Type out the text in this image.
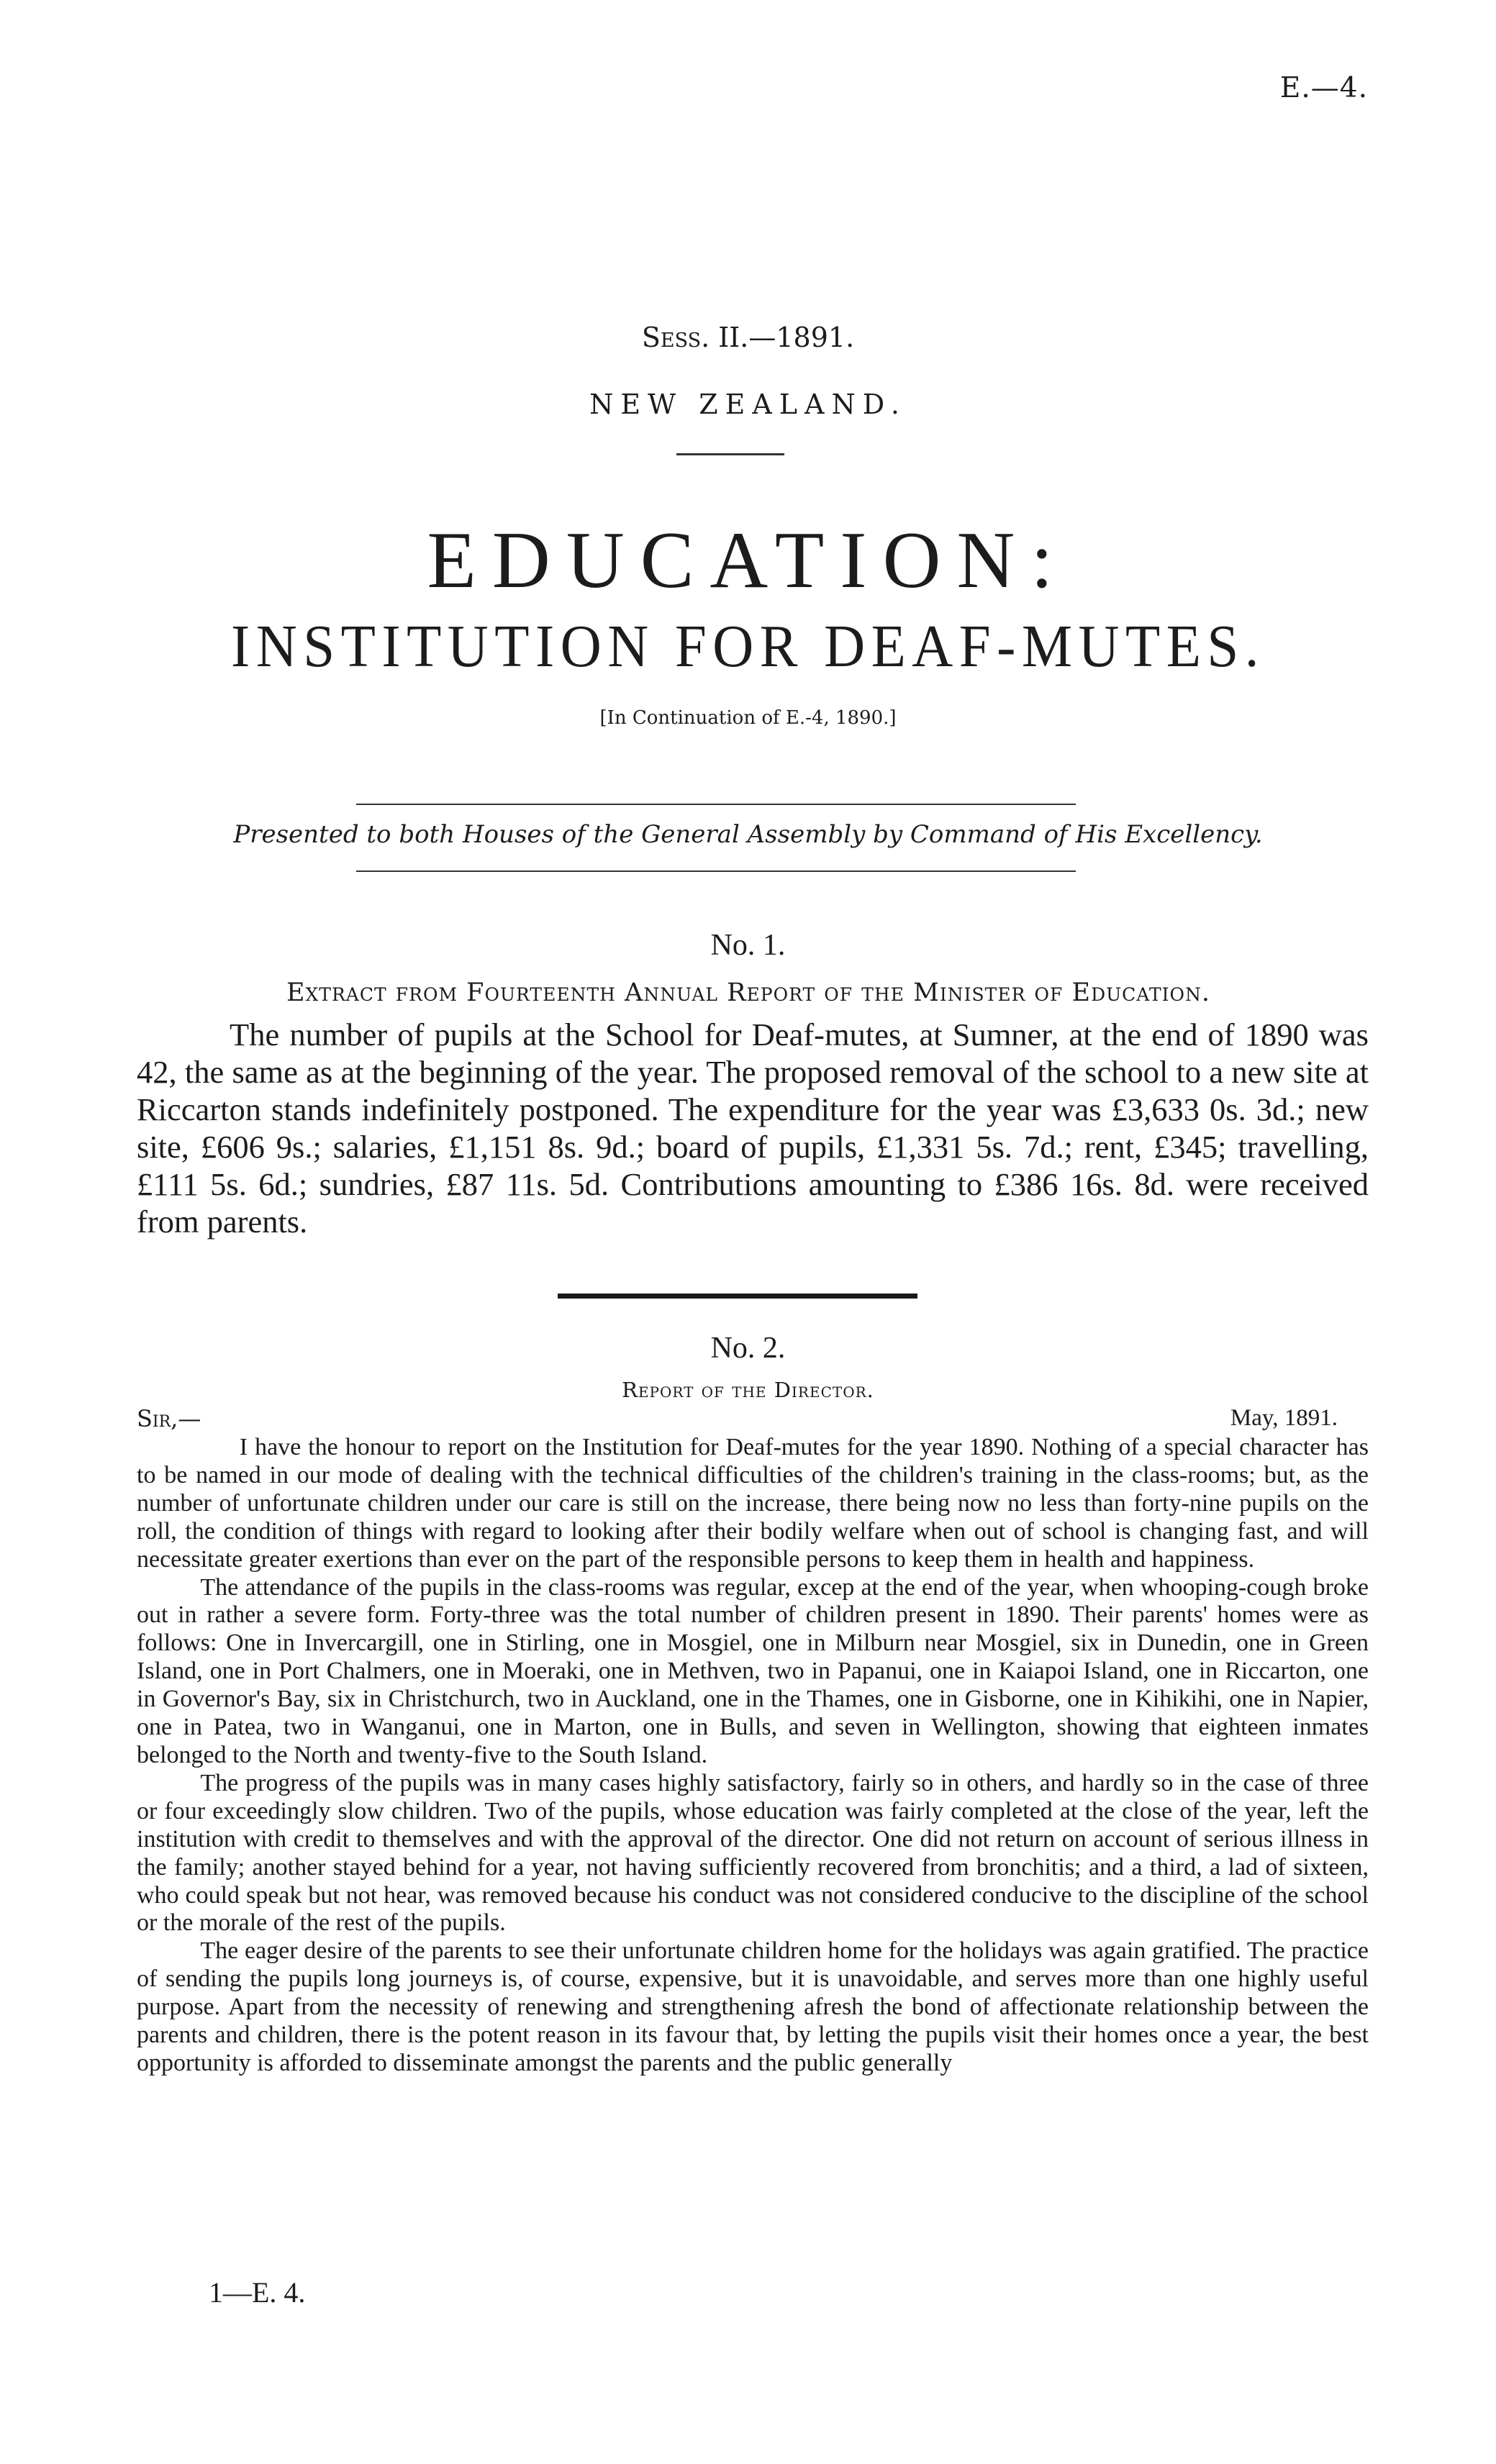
E.—4.
Sess. II.—1891.
NEW ZEALAND.
EDUCATION:
INSTITUTION FOR DEAF-MUTES.
[In Continuation of E.-4, 1890.]
Presented to both Houses of the General Assembly by Command of His Excellency.
No. 1.
Extract from Fourteenth Annual Report of the Minister of Education.

The number of pupils at the School for Deaf-mutes, at Sumner, at the end of 1890 was 42, the same as at the beginning of the year. The proposed removal of the school to a new site at Riccarton stands indefinitely postponed. The expenditure for the year was £3,633 0s. 3d.; new site, £606 9s.; salaries, £1,151 8s. 9d.; board of pupils, £1,331 5s. 7d.; rent, £345; travelling, £111 5s. 6d.; sundries, £87 11s. 5d. Contributions amounting to £386 16s. 8d. were received from parents.

No. 2.
Report of the Director.
Sir,—	May, 1891.

I have the honour to report on the Institution for Deaf-mutes for the year 1890. Nothing of a special character has to be named in our mode of dealing with the technical difficulties of the children's training in the class-rooms; but, as the number of unfortunate children under our care is still on the increase, there being now no less than forty-nine pupils on the roll, the condition of things with regard to looking after their bodily welfare when out of school is changing fast, and will necessitate greater exertions than ever on the part of the responsible persons to keep them in health and happiness.

The attendance of the pupils in the class-rooms was regular, excep at the end of the year, when whooping-cough broke out in rather a severe form. Forty-three was the total number of children present in 1890. Their parents' homes were as follows: One in Invercargill, one in Stirling, one in Mosgiel, one in Milburn near Mosgiel, six in Dunedin, one in Green Island, one in Port Chalmers, one in Moeraki, one in Methven, two in Papanui, one in Kaiapoi Island, one in Riccarton, one in Governor's Bay, six in Christchurch, two in Auckland, one in the Thames, one in Gisborne, one in Kihikihi, one in Napier, one in Patea, two in Wanganui, one in Marton, one in Bulls, and seven in Wellington, showing that eighteen inmates belonged to the North and twenty-five to the South Island.

The progress of the pupils was in many cases highly satisfactory, fairly so in others, and hardly so in the case of three or four exceedingly slow children. Two of the pupils, whose education was fairly completed at the close of the year, left the institution with credit to themselves and with the approval of the director. One did not return on account of serious illness in the family; another stayed behind for a year, not having sufficiently recovered from bronchitis; and a third, a lad of sixteen, who could speak but not hear, was removed because his conduct was not considered conducive to the discipline of the school or the morale of the rest of the pupils.

The eager desire of the parents to see their unfortunate children home for the holidays was again gratified. The practice of sending the pupils long journeys is, of course, expensive, but it is unavoidable, and serves more than one highly useful purpose. Apart from the necessity of renewing and strengthening afresh the bond of affectionate relationship between the parents and children, there is the potent reason in its favour that, by letting the pupils visit their homes once a year, the best opportunity is afforded to disseminate amongst the parents and the public generally

1—E. 4.
